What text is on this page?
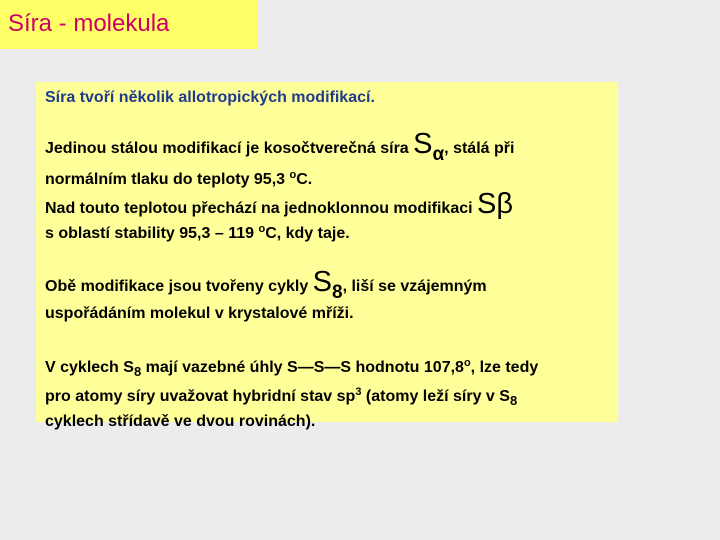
Síra - molekula

Síra tvoří několik allotropických modifikací.

Jedinou stálou modifikací je kosočtverečná síra Sα, stálá při
normálním tlaku do teploty 95,3 $^o$C.

Nad touto teplotou přechází na jednoklonnou modifikaci Sβ
s oblastí stability 95,3 – 119 $^o$C, kdy taje.

Obě modifikace jsou tvořeny cykly S8, liší se vzájemným
uspořádáním molekul v krystalové mříži.

V cyklech $S_8$ mají vazebné úhly S—S—S hodnotu 107,8$^o$, lze tedy
pro atomy síry uvažovat hybridní stav $sp^3$ (atomy leží síry v $S_8$
cyklech střídavě ve dvou rovinách).
